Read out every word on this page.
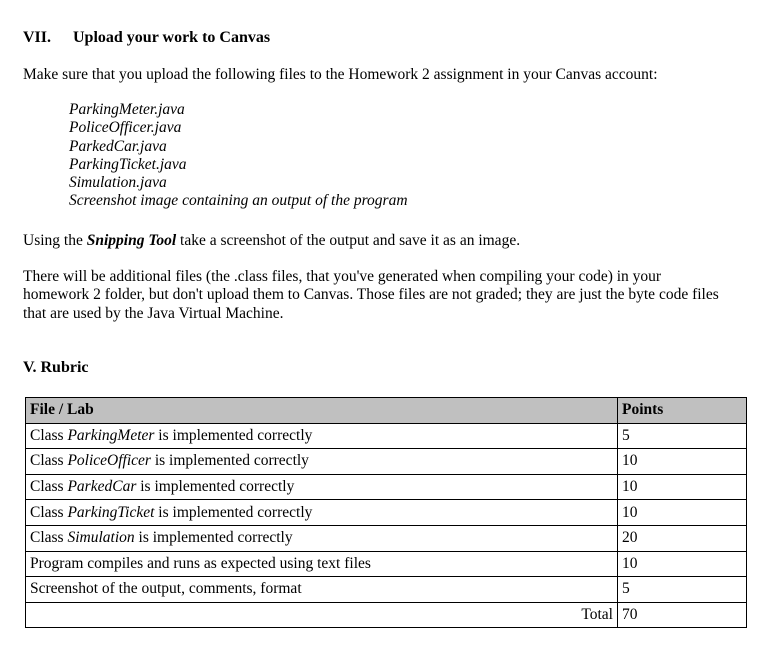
VII. Upload your work to Canvas
Make sure that you upload the following files to the Homework 2 assignment in your Canvas account:
ParkingMeter.java
PoliceOfficer.java
ParkedCar.java
ParkingTicket.java
Simulation.java
Screenshot image containing an output of the program
Using the Snipping Tool take a screenshot of the output and save it as an image.
There will be additional files (the .class files, that you've generated when compiling your code) in your
homework 2 folder, but don't upload them to Canvas. Those files are not graded; they are just the byte code files
that are used by the Java Virtual Machine.
V. Rubric
File / Lab	Points
Class ParkingMeter is implemented correctly	5
Class PoliceOfficer is implemented correctly	10
Class ParkedCar is implemented correctly	10
Class ParkingTicket is implemented correctly	10
Class Simulation is implemented correctly	20
Program compiles and runs as expected using text files	10
Screenshot of the output, comments, format	5
Total	70
